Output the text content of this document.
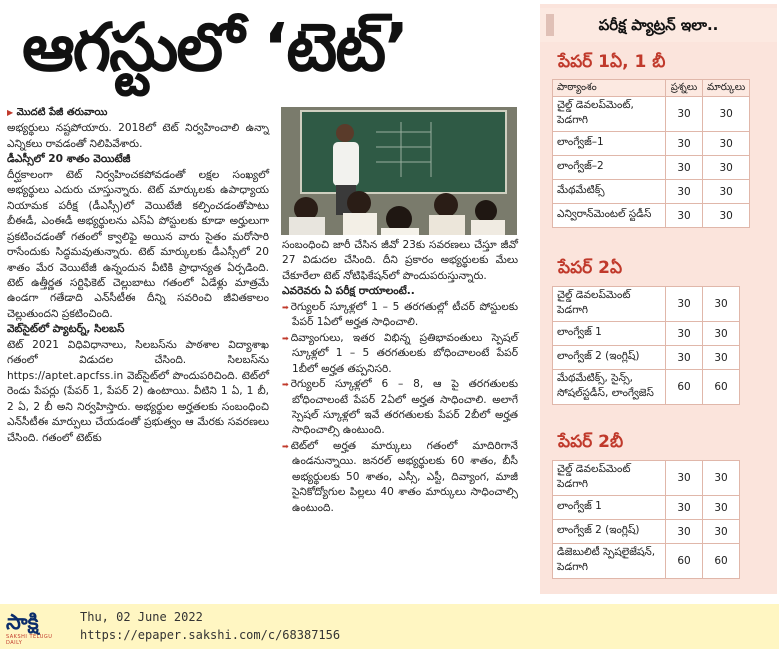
ఆగస్టులో ‘టెట్’

▶ మొదటి పేజీ తరువాయి

అభ్యర్థులు నష్టపోయారు. 2018లో టెట్ నిర్వహించాలి ఉన్నా ఎన్నికలు రావడంతో నిలిపివేశారు.

డీఎస్సీలో 20 శాతం వెయిటేజీ

దీర్ఘకాలంగా టెట్ నిర్వహించకపోవడంతో లక్షల సంఖ్యలో అభ్యర్థులు ఎదురు చూస్తున్నారు. టెట్ మార్కులకు ఉపాధ్యాయ నియామక పరీక్ష (డీఎస్సీ)లో వెయిటేజీ కల్పించడంతోపాటు బీఈడీ, ఎంఈడీ అభ్యర్థులను ఎస్‌ఏ పోస్టులకు కూడా అర్హులుగా ప్రకటించడంతో గతంలో క్వాలిఫై అయిన వారు సైతం మరోసారి రాసేందుకు సిద్ధమవుతున్నారు. టెట్ మార్కులకు డీఎస్సీలో 20 శాతం మేర వెయిటేజీ ఉన్నందున వీటికి ప్రాధాన్యత ఏర్పడింది. టెట్ ఉత్తీర్ణత సర్టిఫికెట్ చెల్లుబాటు గతంలో ఏడేళ్లు మాత్రమే ఉండగా గతేడాది ఎన్‌సీటీఈ దీన్ని సవరించి జీవితకాలం చెల్లుతుందని ప్రకటించింది.

వెబ్‌సైట్‌లో ప్యాటర్న్, సిలబస్

టెట్ 2021 విధివిధానాలు, సిలబస్‌ను పాఠశాల విద్యాశాఖ గతంలో విడుదల చేసింది. సిలబస్‌ను https://aptet.apcfss.in వెబ్‌సైట్‌లో పొందుపరిచింది. టెట్‌లో రెండు పేపర్లు (పేపర్ 1, పేపర్ 2) ఉంటాయి. వీటిని 1 ఏ, 1 బీ, 2 ఏ, 2 బీ అని నిర్వహిస్తారు. అభ్యర్థుల అర్హతలకు సంబంధించి ఎన్‌సీటీఈ మార్పులు చేయడంతో ప్రభుత్వం ఆ మేరకు సవరణలు చేసింది. గతంలో టెట్‌కు

సంబంధించి జారీ చేసిన జీవో 23కు సవరణలు చేస్తూ జీవో 27 విడుదల చేసింది. దీని ప్రకారం అభ్యర్థులకు మేలు చేకూరేలా టెట్ నోటిఫికేషన్‌లో పొందుపరుస్తున్నారు.

ఎవరెవరు ఏ పరీక్ష రాయాలంటే..

➡ రెగ్యులర్ స్కూళ్లలో 1 – 5 తరగతుల్లో టీచర్ పోస్టులకు పేపర్ 1ఏలో అర్హత సాధించాలి.

➡ దివ్యాంగులు, ఇతర విభిన్న ప్రతిభావంతులు స్పెషల్ స్కూళ్లలో 1 – 5 తరగతులకు బోధించాలంటే పేపర్ 1బీలో అర్హత తప్పనిసరి.

➡ రెగ్యులర్ స్కూళ్లలో 6 – 8, ఆ పై తరగతులకు బోధించాలంటే పేపర్ 2ఏలో అర్హత సాధించాలి. అలాగే స్పెషల్ స్కూళ్లలో ఇవే తరగతులకు పేపర్ 2బీలో అర్హత సాధించాల్సి ఉంటుంది.

➡ టెట్‌లో అర్హత మార్కులు గతంలో మాదిరిగానే ఉండనున్నాయి. జనరల్ అభ్యర్థులకు 60 శాతం, బీసీ అభ్యర్థులకు 50 శాతం, ఎస్సీ, ఎస్టీ, దివ్యాంగ, మాజీ సైనికోద్యోగుల పిల్లలు 40 శాతం మార్కులు సాధించాల్సి ఉంటుంది.

పరీక్ష ప్యాట్రన్ ఇలా..
పేపర్ 1ఏ, 1 బీ
పాఠ్యాంశం	ప్రశ్నలు	మార్కులు
చైల్డ్ డెవలప్‌మెంట్, పెడగాగి	30	30
లాంగ్వేజ్–1	30	30
లాంగ్వేజ్–2	30	30
మేథమేటిక్స్	30	30
ఎన్విరాన్‌మెంటల్ స్టడీస్	30	30
పేపర్ 2ఏ
చైల్డ్ డెవలప్‌మెంట్ పెడగాగి	30	30
లాంగ్వేజ్ 1	30	30
లాంగ్వేజ్ 2 (ఇంగ్లిష్)	30	30
మేథమేటిక్స్, సైన్స్, సోషల్‌స్టడీస్, లాంగ్వేజెస్	60	60
పేపర్ 2బీ
చైల్డ్ డెవలప్‌మెంట్ పెడగాగి	30	30
లాంగ్వేజ్ 1	30	30
లాంగ్వేజ్ 2 (ఇంగ్లిష్)	30	30
డిజెబులిటీ స్పెషలైజేషన్, పెడగాగి	60	60
సాక్షి
SAKSHI TELUGU DAILY
Thu, 02 June 2022
https://epaper.sakshi.com/c/68387156
